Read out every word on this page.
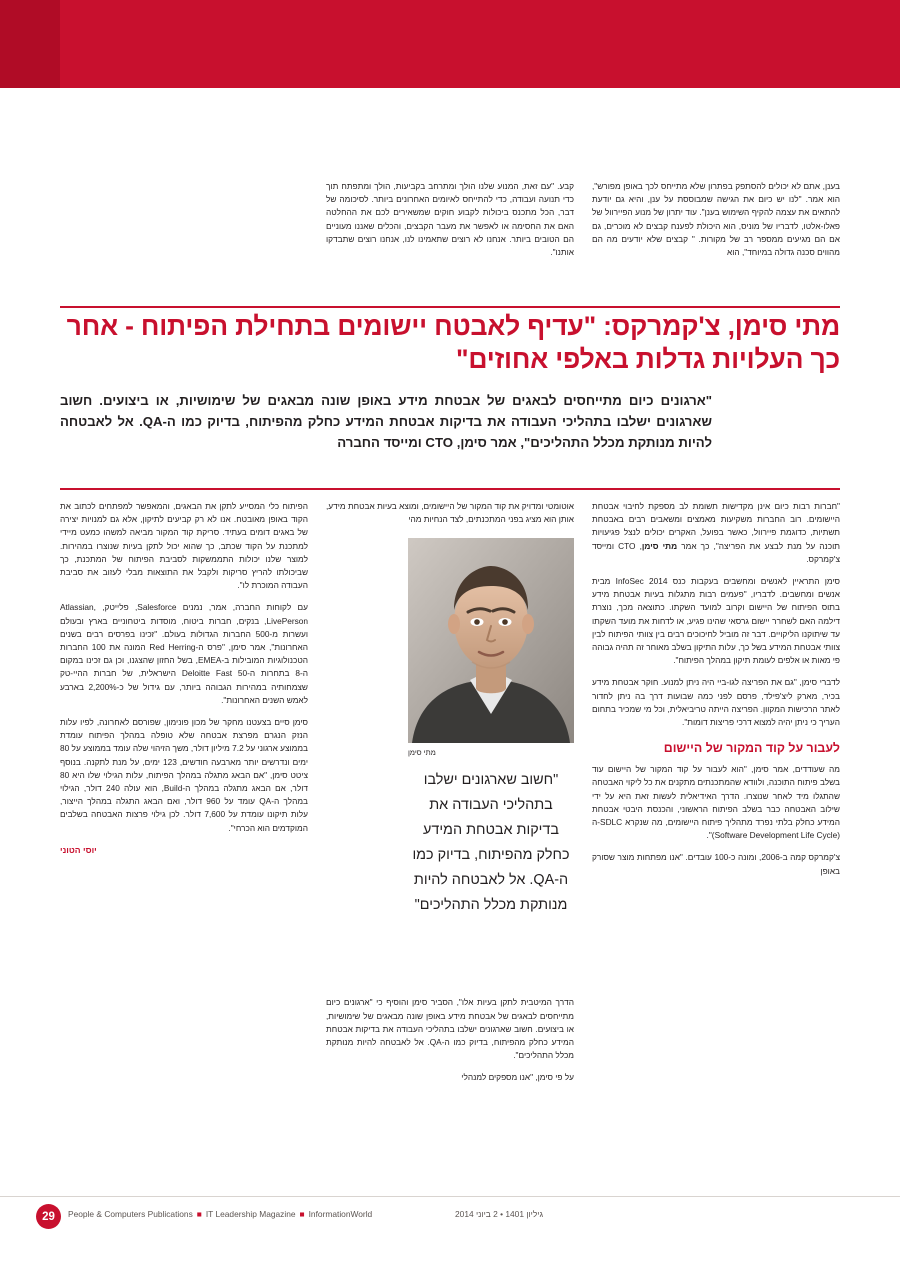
בענן, אתם לא יכולים להסתפק בפתרון שלא מתייחס לכך באופן מפורש", הוא אמר. "לנו יש כיום את הגישה שמבוססת על ענן, והיא גם יודעת להתאים את עצמה להקיף השימוש בענן". עוד יתרון של מנוע הפיירוול של פאלו-אלטו, לדבריו של מוניס, הוא היכולת לפענח קבצים לא מוכרים, גם אם הם מגיעים ממספר רב של מקורות. " קבצים שלא יודעים מה הם מהווים סכנה גדולה במיוחד", הוא
קבע. "עם זאת, המנוע שלנו הולך ומתרחב בקביעות, הולך ומתפתח תוך כדי תנועה ועבודה, כדי להתייחס לאיומים האחרונים ביותר. לסיכומה של דבר, הכל מתכנס ביכולות לקבוע חוקים שמשאירים לכם את ההחלטה האם את החסימה או לאפשר את מעבר הקבצים, והכלים שאננו מעוניים הם הטובים ביותר. אנחנו לא רוצים שתאמינו לנו, אנחנו רוצים שתבדקו אותנו".
מתי סימן, צ'קמרקס: "עדיף לאבטח יישומים בתחילת הפיתוח - אחר כך העלויות גדלות באלפי אחוזים"
"ארגונים כיום מתייחסים לבאגים של אבטחת מידע באופן שונה מבאגים של שימושיות, או ביצועים. חשוב שארגונים ישלבו בתהליכי העבודה את בדיקות אבטחת המידע כחלק מהפיתוח, בדיוק כמו ה-QA. אל לאבטחה להיות מנותקת מכלל התהליכים", אמר סימן, CTO ומייסד החברה

"חברות רבות כיום אינן מקדישות תשומת לב מספקת לחיבוי אבטחת היישומים. רוב החברות משקיעות מאמצים ומשאבים רבים באבטחת תשתיות, כדוגמת פיירוול, כאשר בפועל, האקרים יכולים לנצל פגיעויות תוכנה על מנת לבצע את הפריצה", כך אמר מתי סימן, CTO ומייסד צ'קמרקס.

סימן התראיין לאנשים ומחשבים בעקבות כנס InfoSec 2014 מבית אנשים ומחשבים. לדבריו, "פעמים רבות מתגלות בעיות אבטחת מידע בתוס הפיתוח של היישום וקרוב למועד השקתו. כתוצאה מכך, נוצרת דילמה האם לשחרר יישום גרסאי שהינו פגיע, או לדחות את מועד השקתו עד שיתוקנו הליקויים. דבר זה מוביל לחיכוכים רבים בין צוותי הפיתוח לבין צוותי אבטחת המידע בשל כך, עלות התיקון בשלב מאוחר זה תהיה גבוהה פי מאות או אלפים לעומת תיקון במהלך הפיתוח".

לדברי סימן, "גם את הפריצה לגו-ביי היה ניתן למנוע. חוקר אבטחת מידע בכיר, מארק ליצ'פילד, פרסם לפני כמה שבועות דרך בה ניתן לחדור לאתר הרכישות המקוון. הפריצה הייתה טריביאלית, וכל מי שמכיר בתחום העריך כי ניתן יהיה למצוא דרכי פריצות דומות".

לעבור על קוד המקור של היישום

מה שעודדים, אמר סימן, "הוא לעבור על קוד המקור של היישום עוד בשלב פיתוח התוכנה, ולוודא שהמתכנתים מתקנים את כל ליקוי האבטחה שהתגלו מיד לאחר שנוצרו. הדרך האידיאלית לעשות זאת היא על ידי שילוב האבטחה כבר בשלב הפיתוח הראשוני, והכנסת היבטי אבטחת המידע כחלק בלתי נפרד מתהליך פיתוח היישומים, מה שנקרא SDLC-ה (Software Development Life Cycle)".

צ'קמרקס קמה ב-2006, ומונה כ-100 עובדים. "אנו מפתחות מוצר שסורק באופן

אוטומטי ומדויק את קוד המקור של היישומים, ומוצא בעיות אבטחת מידע, אותן הוא מציג בפני המתכנתים, לצד הנחיות מהי

מתי סימן
"חשוב שארגונים ישלבו בתהליכי העבודה את בדיקות אבטחת המידע כחלק מהפיתוח, בדיוק כמו ה-QA. אל לאבטחה להיות מנותקת מכלל התהליכים"

הדרך המיטבית לתקן בעיות אלו", הסביר סימן והוסיף כי "ארגונים כיום מתייחסים לבאגים של אבטחת מידע באופן שונה מבאגים של שימושיות, או ביצועים. חשוב שארגונים ישלבו בתהליכי העבודה את בדיקות אבטחת המידע כחלק מהפיתוח, בדיוק כמו ה-QA. אל לאבטחה להיות מנותקת מכלל התהליכים".

על פי סימן, "אנו מספקים למנהלי

הפיתוח כלי המסייע לתקן את הבאגים, והמאפשר למפתחים לכתוב את הקוד באופן מאובטח. אנו לא רק קביעים לתיקון, אלא גם למנויות יצירה של באגים דומים בעתיד. סריקת קוד המקור מביאה למשהו כמעט מיידי למתכנת על הקוד שכתב, כך שהוא יכול לתקן בעיות שנוצרו במהירות. למוצר שלנו יכולות התממשקות לסביבת הפיתוח של המתכנת, כך שביכולתו להריץ סריקות ולקבל את התוצאות מבלי לעזוב את סביבת העבודה המוכרת לו".

עם לקוחות החברה, אמר, נמנים Salesforce, פלייטק, Atlassian, LivePerson, בנקים, חברות ביטוח, מוסדות ביטחוניים בארץ ובעולם ועשרות מ-500 החברות הגדולות בעולם. "זכינו בפרסים רבים בשנים האחרונות", אמר סימן, "פרס ה-Red Herring המונה את 100 החברות הטכנולוגיות המובילות ב-EMEA, בשל החזון שהצגנו, וכן גם זכינו במקום ה-8 בתחרות ה-Deloitte Fast 50 הישראלית, של חברות ההיי-טק שצמחותיה במהירות הגבוהה ביותר, עם גידול של כ-2,200% בארבע לאמש השנים האחרונות".

סימן סיים בצעטנו מחקר של מכון פונימון, שפורסם לאחרונה, לפיו עלות הנזק הנגרם מפרצת אבטחה שלא טופלה במהלך הפיתוח עומדת בממוצע ארגוני על 7.2 מיליון דולר, משך הזיהוי שלה עומד בממוצע על 80 ימים ונדרשים יותר מארבעה חודשים, 123 ימים, על מנת לתקנה. בנוסף ציטט סימן, "אם הבאג מתגלה במהלך הפיתוח, עלות הגילוי שלו היא 80 דולר, אם הבאג מתגלה במהלך ה-Build, הוא עולה 240 דולר, הגילוי במהלך ה-QA עומד על 960 דולר, ואם הבאג התגלה במהלך הייצור, עלות תיקונו עומדת על 7,600 דולר. לכן גילוי פרצות האבטחה בשלבים המוקדמים הוא הכרחי".

יוסי הטוני
29	People & Computers Publications ■ IT Leadership Magazine ■ InformationWorld	גיליון 1401 • 2 ביוני 2014
